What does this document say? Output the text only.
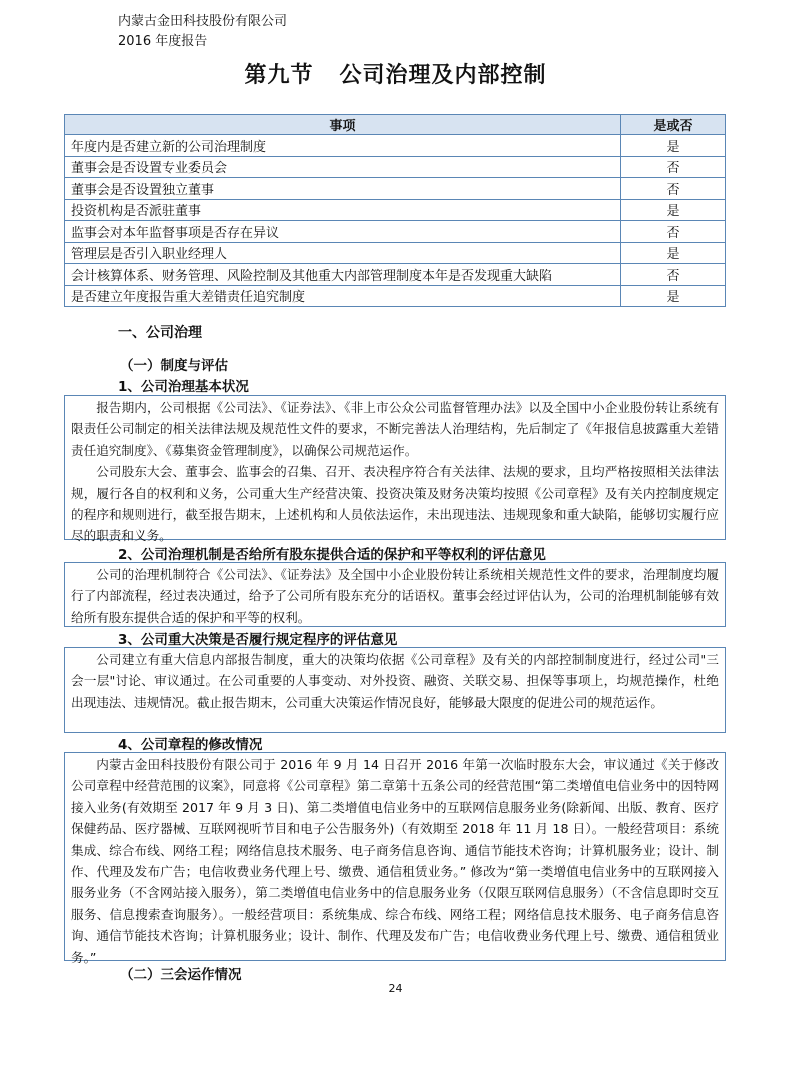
内蒙古金田科技股份有限公司
2016 年度报告
第九节 公司治理及内部控制
事项	是或否
年度内是否建立新的公司治理制度	是
董事会是否设置专业委员会	否
董事会是否设置独立董事	否
投资机构是否派驻董事	是
监事会对本年监督事项是否存在异议	否
管理层是否引入职业经理人	是
会计核算体系、财务管理、风险控制及其他重大内部管理制度本年是否发现重大缺陷	否
是否建立年度报告重大差错责任追究制度	是
一、公司治理
（一）制度与评估
1、公司治理基本状况

报告期内，公司根据《公司法》、《证券法》、《非上市公众公司监督管理办法》以及全国中小企业股份转让系统有限责任公司制定的相关法律法规及规范性文件的要求，不断完善法人治理结构，先后制定了《年报信息披露重大差错责任追究制度》、《募集资金管理制度》，以确保公司规范运作。

公司股东大会、董事会、监事会的召集、召开、表决程序符合有关法律、法规的要求，且均严格按照相关法律法规，履行各自的权利和义务，公司重大生产经营决策、投资决策及财务决策均按照《公司章程》及有关内控制度规定的程序和规则进行，截至报告期末，上述机构和人员依法运作，未出现违法、违规现象和重大缺陷，能够切实履行应尽的职责和义务。

2、公司治理机制是否给所有股东提供合适的保护和平等权利的评估意见

公司的治理机制符合《公司法》、《证券法》及全国中小企业股份转让系统相关规范性文件的要求，治理制度均履行了内部流程，经过表决通过，给予了公司所有股东充分的话语权。董事会经过评估认为，公司的治理机制能够有效给所有股东提供合适的保护和平等的权利。

3、公司重大决策是否履行规定程序的评估意见

公司建立有重大信息内部报告制度，重大的决策均依据《公司章程》及有关的内部控制制度进行，经过公司"三会一层"讨论、审议通过。在公司重要的人事变动、对外投资、融资、关联交易、担保等事项上，均规范操作，杜绝出现违法、违规情况。截止报告期末，公司重大决策运作情况良好，能够最大限度的促进公司的规范运作。

4、公司章程的修改情况

内蒙古金田科技股份有限公司于 2016 年 9 月 14 日召开 2016 年第一次临时股东大会，审议通过《关于修改公司章程中经营范围的议案》，同意将《公司章程》第二章第十五条公司的经营范围“第二类增值电信业务中的因特网接入业务(有效期至 2017 年 9 月 3 日)、第二类增值电信业务中的互联网信息服务业务(除新闻、出版、教育、医疗保健药品、医疗器械、互联网视听节目和电子公告服务外)（有效期至 2018 年 11 月 18 日）。一般经营项目：系统集成、综合布线、网络工程；网络信息技术服务、电子商务信息咨询、通信节能技术咨询；计算机服务业；设计、制作、代理及发布广告；电信收费业务代理上号、缴费、通信租赁业务。” 修改为“第一类增值电信业务中的互联网接入服务业务（不含网站接入服务），第二类增值电信业务中的信息服务业务（仅限互联网信息服务）（不含信息即时交互服务、信息搜索查询服务）。一般经营项目：系统集成、综合布线、网络工程；网络信息技术服务、电子商务信息咨询、通信节能技术咨询；计算机服务业；设计、制作、代理及发布广告；电信收费业务代理上号、缴费、通信租赁业务。”

（二）三会运作情况
24
